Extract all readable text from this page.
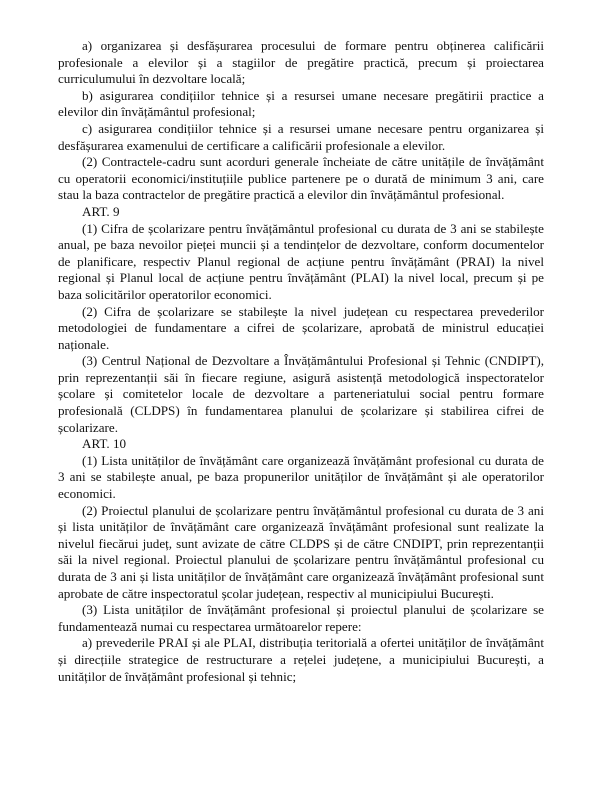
a) organizarea și desfășurarea procesului de formare pentru obținerea calificării profesionale a elevilor și a stagiilor de pregătire practică, precum și proiectarea curriculumului în dezvoltare locală;

b) asigurarea condițiilor tehnice și a resursei umane necesare pregătirii practice a elevilor din învățământul profesional;

c) asigurarea condițiilor tehnice și a resursei umane necesare pentru organizarea și desfășurarea examenului de certificare a calificării profesionale a elevilor.

(2) Contractele-cadru sunt acorduri generale încheiate de către unitățile de învățământ cu operatorii economici/instituțiile publice partenere pe o durată de minimum 3 ani, care stau la baza contractelor de pregătire practică a elevilor din învățământul profesional.

ART. 9

(1) Cifra de școlarizare pentru învățământul profesional cu durata de 3 ani se stabilește anual, pe baza nevoilor pieței muncii și a tendințelor de dezvoltare, conform documentelor de planificare, respectiv Planul regional de acțiune pentru învățământ (PRAI) la nivel regional și Planul local de acțiune pentru învățământ (PLAI) la nivel local, precum și pe baza solicitărilor operatorilor economici.

(2) Cifra de școlarizare se stabilește la nivel județean cu respectarea prevederilor metodologiei de fundamentare a cifrei de școlarizare, aprobată de ministrul educației naționale.

(3) Centrul Național de Dezvoltare a Învățământului Profesional și Tehnic (CNDIPT), prin reprezentanții săi în fiecare regiune, asigură asistență metodologică inspectoratelor școlare și comitetelor locale de dezvoltare a parteneriatului social pentru formare profesională (CLDPS) în fundamentarea planului de școlarizare și stabilirea cifrei de școlarizare.

ART. 10

(1) Lista unităților de învățământ care organizează învățământ profesional cu durata de 3 ani se stabilește anual, pe baza propunerilor unităților de învățământ și ale operatorilor economici.

(2) Proiectul planului de școlarizare pentru învățământul profesional cu durata de 3 ani și lista unităților de învățământ care organizează învățământ profesional sunt realizate la nivelul fiecărui județ, sunt avizate de către CLDPS și de către CNDIPT, prin reprezentanții săi la nivel regional. Proiectul planului de școlarizare pentru învățământul profesional cu durata de 3 ani și lista unităților de învățământ care organizează învățământ profesional sunt aprobate de către inspectoratul școlar județean, respectiv al municipiului București.

(3) Lista unităților de învățământ profesional și proiectul planului de școlarizare se fundamentează numai cu respectarea următoarelor repere:

a) prevederile PRAI și ale PLAI, distribuția teritorială a ofertei unităților de învățământ și direcțiile strategice de restructurare a rețelei județene, a municipiului București, a unităților de învățământ profesional și tehnic;
